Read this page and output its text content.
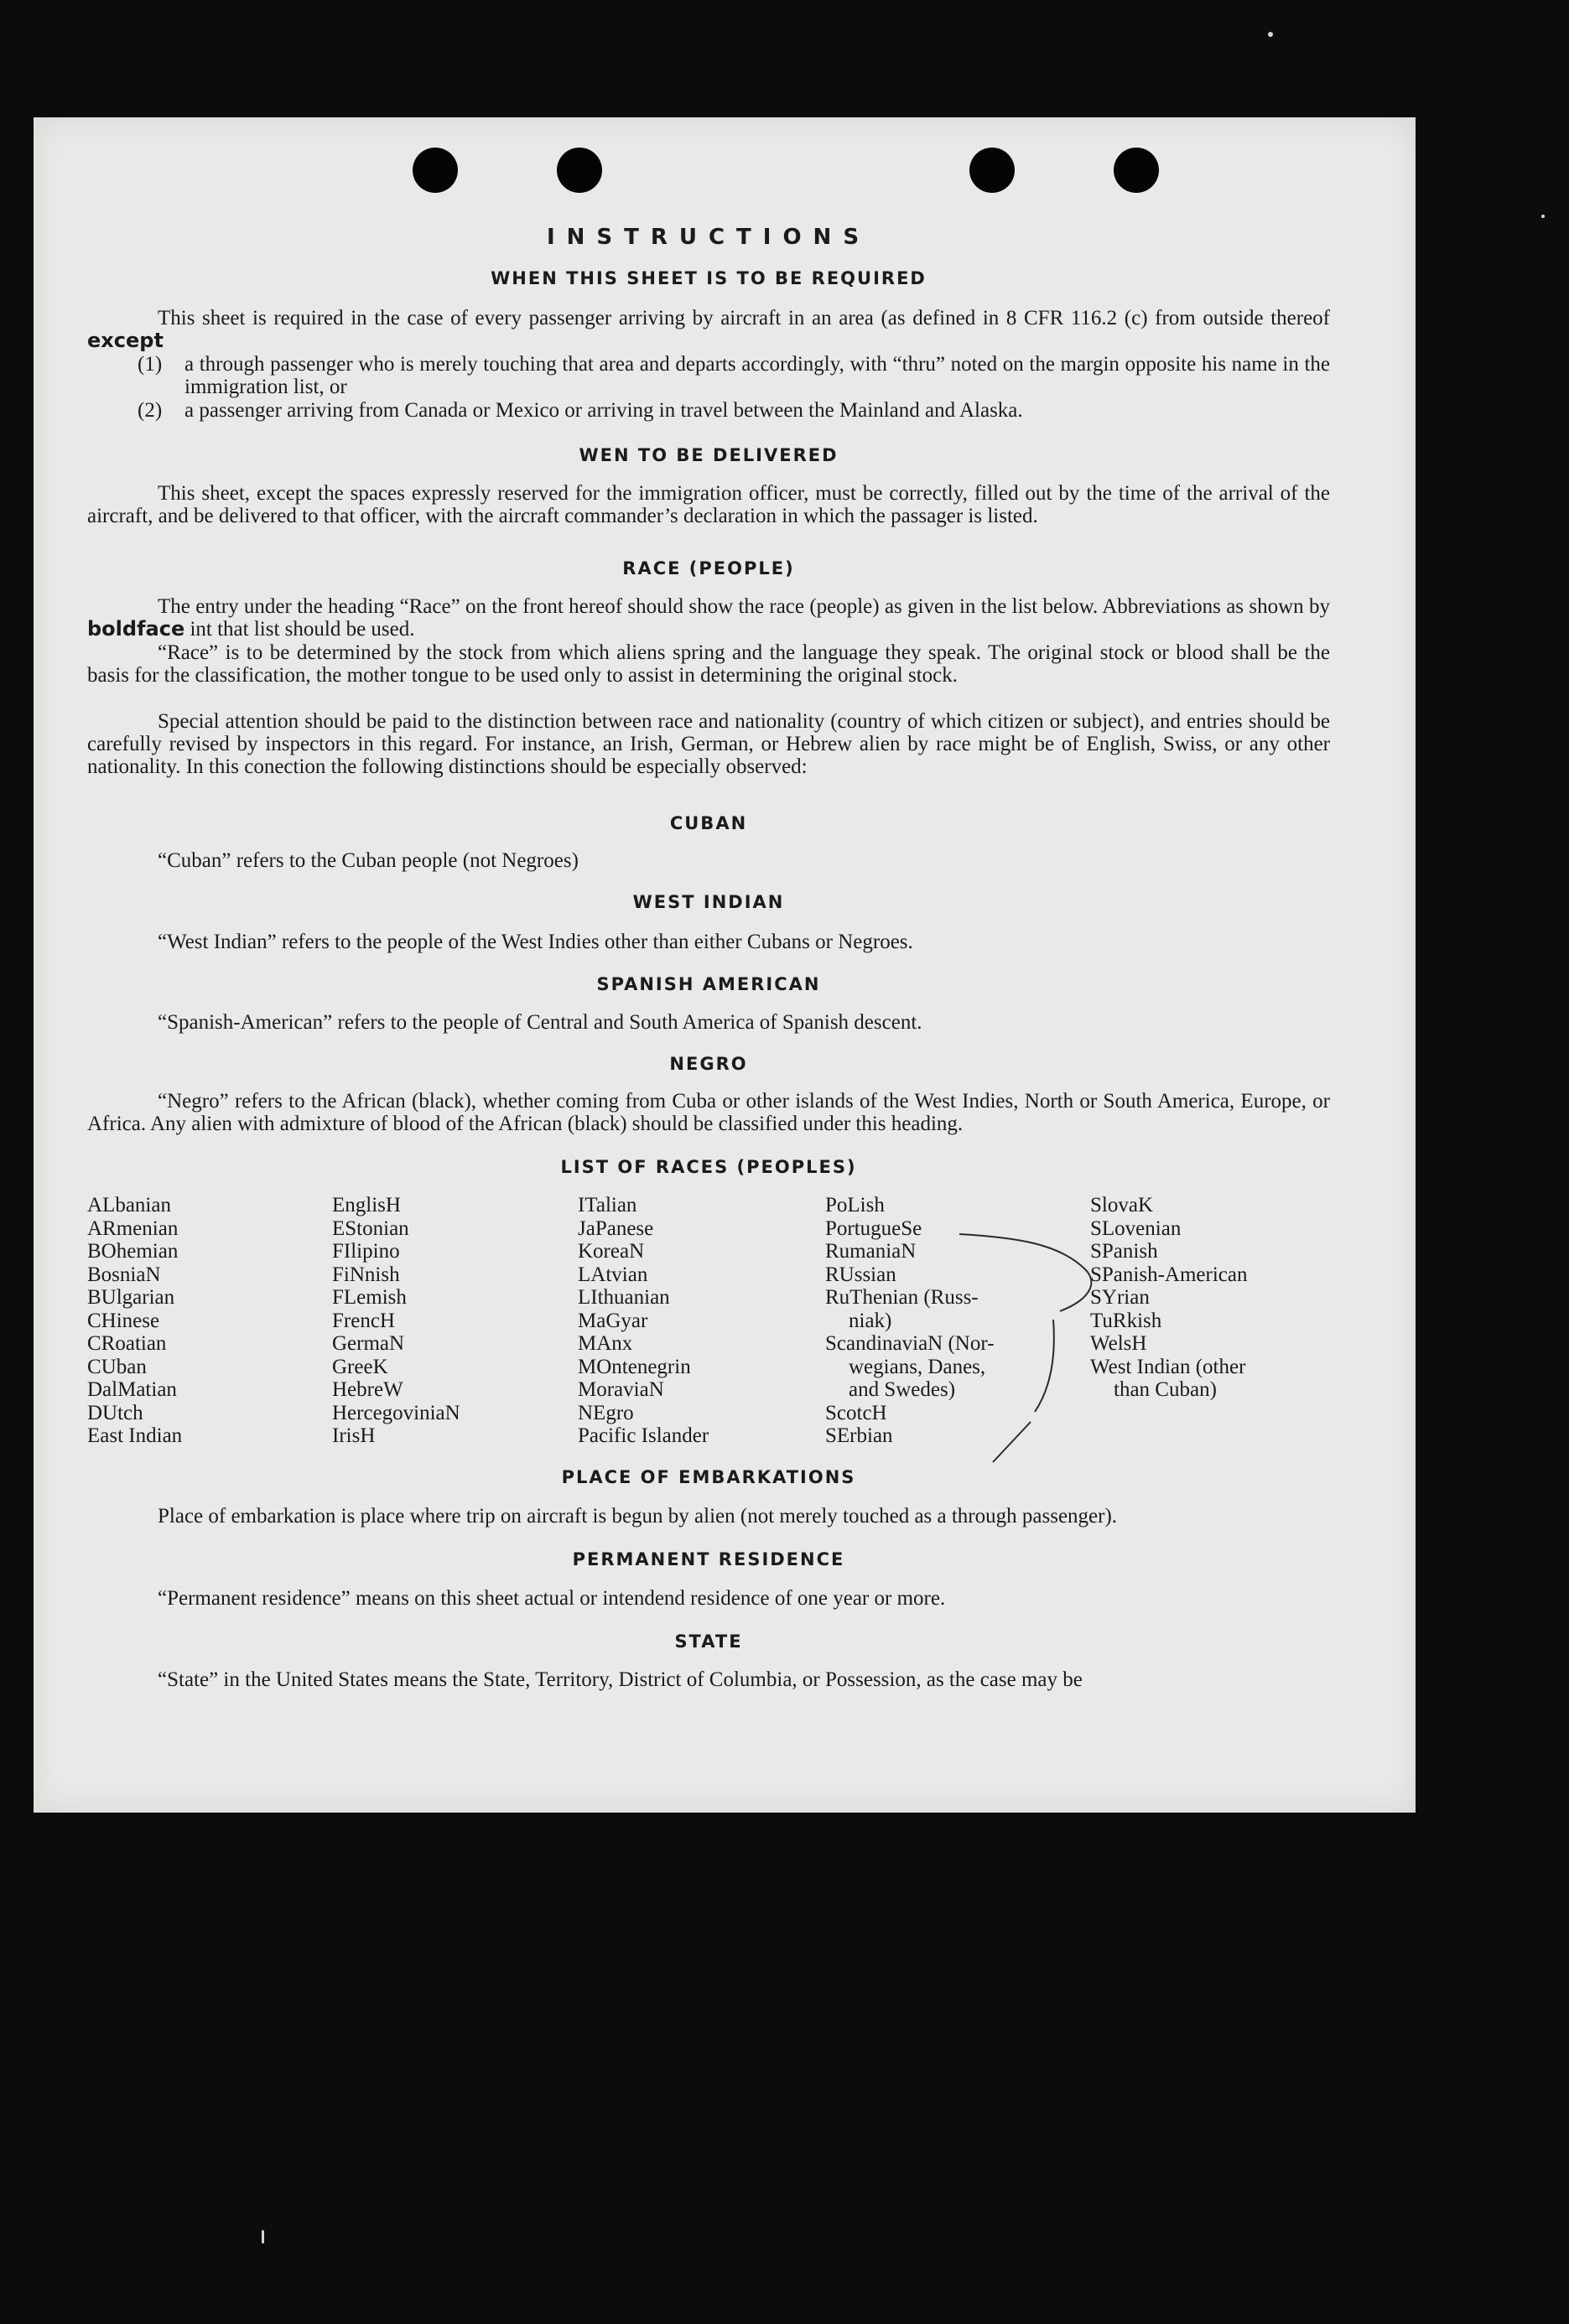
INSTRUCTIONS
WHEN THIS SHEET IS TO BE REQUIRED
This sheet is required in the case of every passenger arriving by aircraft in an area (as defined in 8 CFR 116.2 (c) from outside thereof except
(1)	a through passenger who is merely touching that area and departs accordingly, with “thru” noted on the margin opposite his name in the immigration list, or
(2)	a passenger arriving from Canada or Mexico or arriving in travel between the Mainland and Alaska.
WEN TO BE DELIVERED
This sheet, except the spaces expressly reserved for the immigration officer, must be correctly, filled out by the time of the arrival of the aircraft, and be delivered to that officer, with the aircraft commander’s declaration in which the passager is listed.
RACE (PEOPLE)
The entry under the heading “Race” on the front hereof should show the race (people) as given in the list below. Abbreviations as shown by boldface int that list should be used.
“Race” is to be determined by the stock from which aliens spring and the language they speak. The original stock or blood shall be the basis for the classification, the mother tongue to be used only to assist in determining the original stock.
Special attention should be paid to the distinction between race and nationality (country of which citizen or subject), and entries should be carefully revised by inspectors in this regard. For instance, an Irish, German, or Hebrew alien by race might be of English, Swiss, or any other nationality. In this conection the following distinctions should be especially observed:
CUBAN
“Cuban” refers to the Cuban people (not Negroes)
WEST INDIAN
“West Indian” refers to the people of the West Indies other than either Cubans or Negroes.
SPANISH AMERICAN
“Spanish-American” refers to the people of Central and South America of Spanish descent.
NEGRO
“Negro” refers to the African (black), whether coming from Cuba or other islands of the West Indies, North or South America, Europe, or Africa. Any alien with admixture of blood of the African (black) should be classified under this heading.
LIST OF RACES (PEOPLES)
ALbanian
ARmenian
BOhemian
BosniaN
BUlgarian
CHinese
CRoatian
CUban
DalMatian
DUtch
East Indian
EnglisH
EStonian
FIlipino
FiNnish
FLemish
FrencH
GermaN
GreeK
HebreW
HercegoviniaN
IrisH
ITalian
JaPanese
KoreaN
LAtvian
LIthuanian
MaGyar
MAnx
MOntenegrin
MoraviaN
NEgro
Pacific Islander
PoLish
PortugueSe
RumaniaN
RUssian
RuThenian (Russ-
niak)
ScandinaviaN (Nor-
wegians, Danes,
and Swedes)
ScotcH
SErbian
SlovaK
SLovenian
SPanish
SPanish-American
SYrian
TuRkish
WelsH
West Indian (other
than Cuban)
PLACE OF EMBARKATIONS
Place of embarkation is place where trip on aircraft is begun by alien (not merely touched as a through passenger).
PERMANENT RESIDENCE
“Permanent residence” means on this sheet actual or intendend residence of one year or more.
STATE
“State” in the United States means the State, Territory, District of Columbia, or Possession, as the case may be
